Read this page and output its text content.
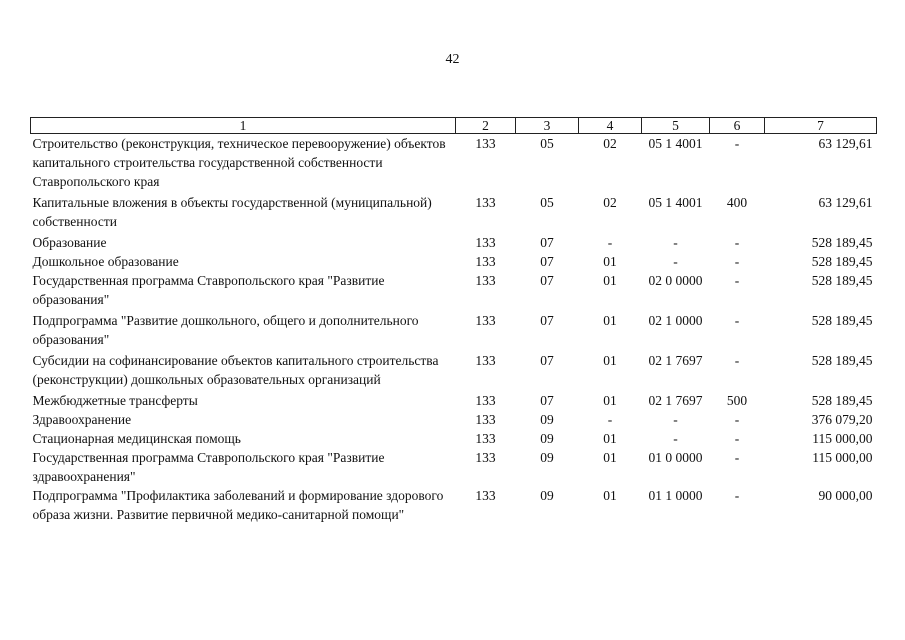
42
1	2	3	4	5	6	7
Строительство (реконструкция, техническое перевооружение) объектов капитального строительства государственной собственности Ставропольского края	133	05	02	05 1 4001	-	63 129,61
Капитальные вложения в объекты государственной (муниципальной) собственности	133	05	02	05 1 4001	400	63 129,61
Образование	133	07	-	-	-	528 189,45
Дошкольное образование	133	07	01	-	-	528 189,45
Государственная программа Ставропольского края "Развитие образования"	133	07	01	02 0 0000	-	528 189,45
Подпрограмма "Развитие дошкольного, общего и дополнительного образования"	133	07	01	02 1 0000	-	528 189,45
Субсидии на софинансирование объектов капитального строительства (реконструкции) дошкольных образовательных организаций	133	07	01	02 1 7697	-	528 189,45
Межбюджетные трансферты	133	07	01	02 1 7697	500	528 189,45
Здравоохранение	133	09	-	-	-	376 079,20
Стационарная медицинская помощь	133	09	01	-	-	115 000,00
Государственная программа Ставропольского края "Развитие здравоохранения"	133	09	01	01 0 0000	-	115 000,00
Подпрограмма "Профилактика заболеваний и формирование здорового образа жизни. Развитие первичной медико-санитарной помощи"	133	09	01	01 1 0000	-	90 000,00
